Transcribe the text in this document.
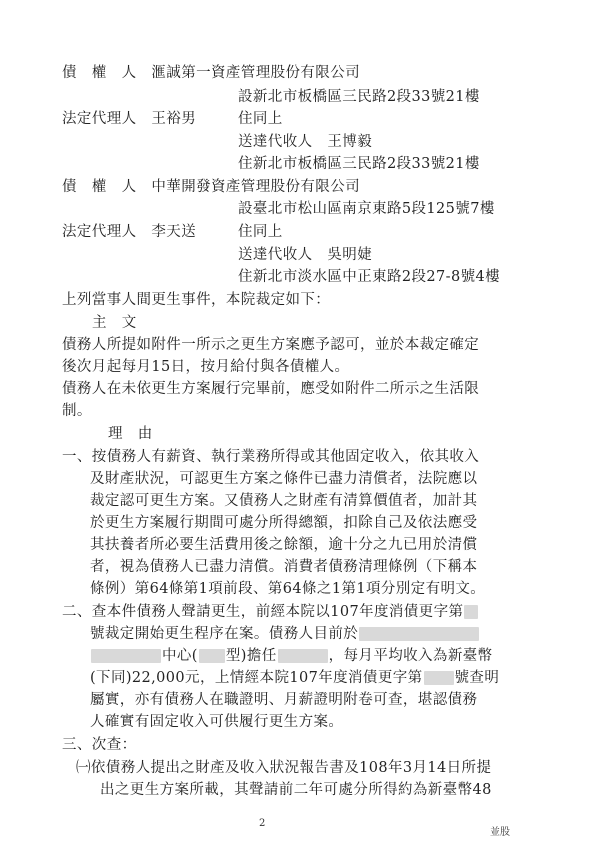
債　權　人　 滙誠第一資產管理股份有限公司
設新北市板橋區三民路2段33號21樓
法定代理人　 王裕男	住同上
送達代收人　 王博毅
住新北市板橋區三民路2段33號21樓
債　權　人　 中華開發資產管理股份有限公司
設臺北市松山區南京東路5段125號7樓
法定代理人　 李天送	住同上
送達代收人　 吳明婕
住新北市淡水區中正東路2段27-8號4樓
上列當事人間更生事件，本院裁定如下：
主　文
債務人所提如附件一所示之更生方案應予認可，並於本裁定確定
後次月起每月15日，按月給付與各債權人。
債務人在未依更生方案履行完畢前，應受如附件二所示之生活限
制。
理　由
一、按債務人有薪資、執行業務所得或其他固定收入，依其收入
及財產狀況，可認更生方案之條件已盡力清償者，法院應以
裁定認可更生方案。又債務人之財產有清算價值者，加計其
於更生方案履行期間可處分所得總額，扣除自己及依法應受
其扶養者所必要生活費用後之餘額，逾十分之九已用於清償
者，視為債務人已盡力清償。消費者債務清理條例（下稱本
條例）第64條第1項前段、第64條之1第1項分別定有明文。
二、查本件債務人聲請更生，前經本院以107年度消債更字第
號裁定開始更生程序在案。債務人目前於
中心( 型)擔任	，每月平均收入為新臺幣
(下同)22,000元，上情經本院107年度消債更字第 號查明
屬實，亦有債務人在職證明、月薪證明附卷可查，堪認債務
人確實有固定收入可供履行更生方案。
三、次查：
㈠依債務人提出之財產及收入狀況報告書及108年3月14日所提
出之更生方案所載，其聲請前二年可處分所得約為新臺幣48
2
並股
